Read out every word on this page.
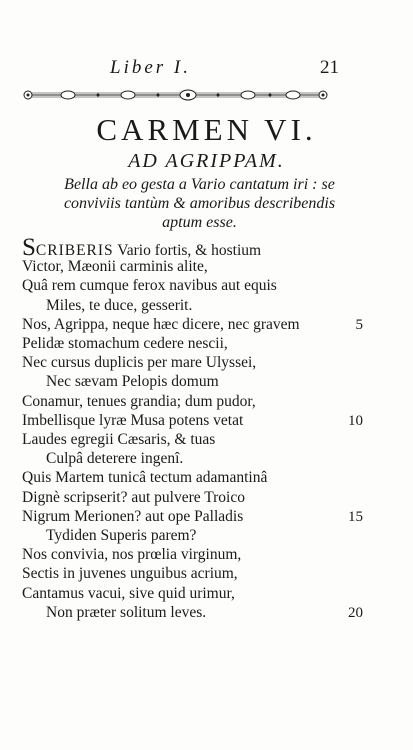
Liber I.	21
CARMEN VI.
AD AGRIPPAM.
Bella ab eo gesta a Vario cantatum iri : se
conviviis tantùm & amoribus describendis
aptum esse.
SCRIBERIS Vario fortis, & hostium
Victor, Mæonii carminis alite,
Quâ rem cumque ferox navibus aut equis
Miles, te duce, gesserit.
Nos, Agrippa, neque hæc dicere, nec gravem	5
Pelidæ stomachum cedere nescii,
Nec cursus duplicis per mare Ulyssei,
Nec sævam Pelopis domum
Conamur, tenues grandia; dum pudor,
Imbellisque lyræ Musa potens vetat	10
Laudes egregii Cæsaris, & tuas
Culpâ deterere ingenî.
Quis Martem tunicâ tectum adamantinâ
Dignè scripserit? aut pulvere Troico
Nigrum Merionen? aut ope Palladis	15
Tydiden Superis parem?
Nos convivia, nos prœlia virginum,
Sectis in juvenes unguibus acrium,
Cantamus vacui, sive quid urimur,
Non præter solitum leves.	20
